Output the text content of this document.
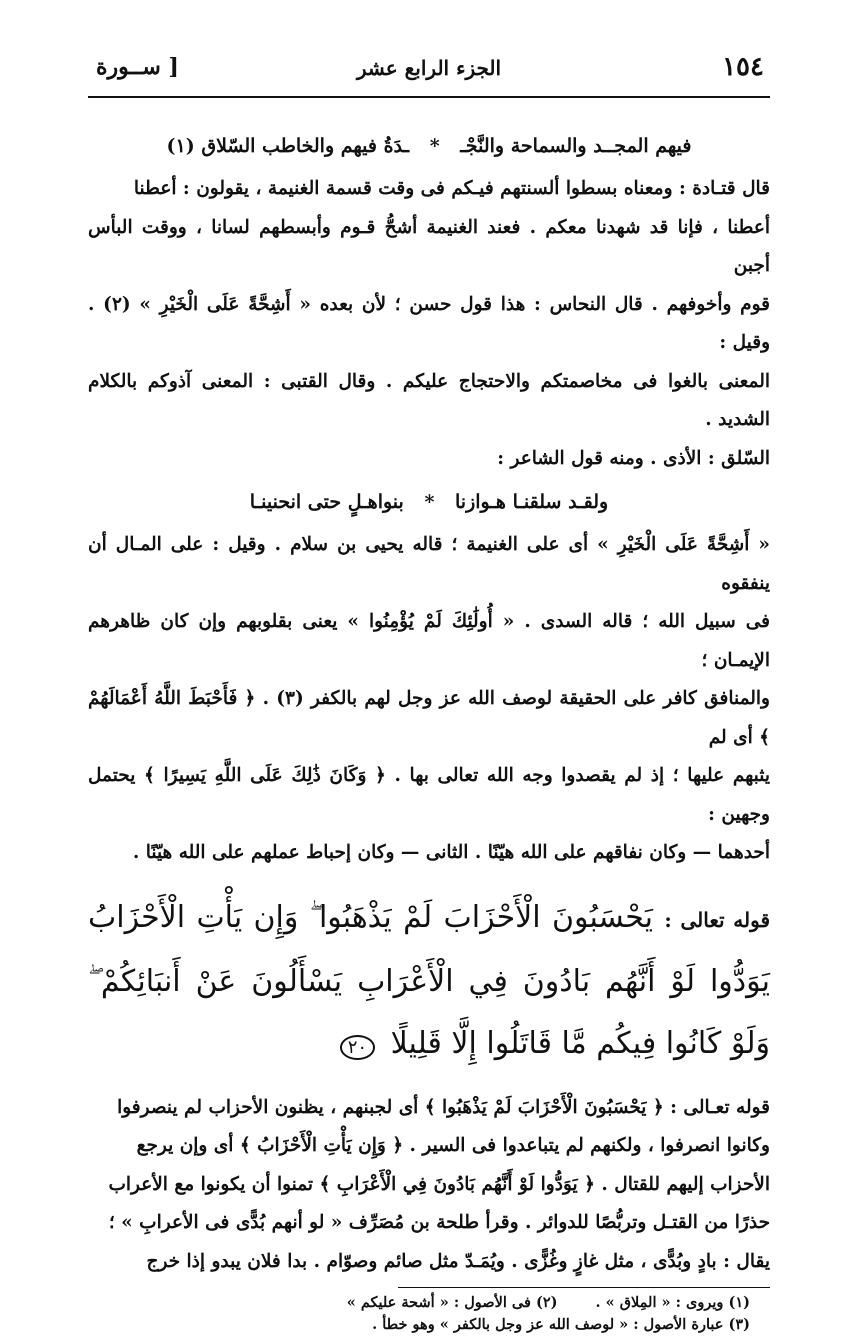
١٥٤
الجزء الرابع عشر
[ ســورة

فيهم المجــد والسماحة والنَّجْـ * ـدَةُ فيهم والخاطب السّلاق (١)

قال قتـادة : ومعناه بسطوا ألسنتهم فيـكم فى وقت قسمة الغنيمة ، يقولون : أعطنا

أعطنا ، فإنا قد شهدنا معكم . فعند الغنيمة أشحُّ قـوم وأبسطهم لسانا ، ووقت البأس أجبن

قوم وأخوفهم . قال النحاس : هذا قول حسن ؛ لأن بعده « أَشِحَّةً عَلَى الْخَيْرِ » (٢) . وقيل :

المعنى بالغوا فى مخاصمتكم والاحتجاج عليكم . وقال القتبى : المعنى آذوكم بالكلام الشديد .

السّلق : الأذى . ومنه قول الشاعر :

ولقـد سلقنـا هـوازنا * بنواهـلٍ حتى انحنينـا

« أَشِحَّةً عَلَى الْخَيْرِ » أى على الغنيمة ؛ قاله يحيى بن سلام . وقيل : على المـال أن ينفقوه

فى سبيل الله ؛ قاله السدى . « أُولَٰئِكَ لَمْ يُؤْمِنُوا » يعنى بقلوبهم وإن كان ظاهرهم الإيمـان ؛

والمنافق كافر على الحقيقة لوصف الله عز وجل لهم بالكفر (٣) . ﴿ فَأَحْبَطَ اللَّهُ أَعْمَالَهُمْ ﴾ أى لم

يثبهم عليها ؛ إذ لم يقصدوا وجه الله تعالى بها . ﴿ وَكَانَ ذَٰلِكَ عَلَى اللَّهِ يَسِيرًا ﴾ يحتمل وجهين :

أحدهما — وكان نفاقهم على الله هيّنًا . الثانى — وكان إحباط عملهم على الله هيّنًا .

قوله تعالى : يَحْسَبُونَ الْأَحْزَابَ لَمْ يَذْهَبُوا ۖ وَإِن يَأْتِ الْأَحْزَابُ يَوَدُّوا لَوْ أَنَّهُم بَادُونَ فِي الْأَعْرَابِ يَسْأَلُونَ عَنْ أَنبَائِكُمْ ۖ وَلَوْ كَانُوا فِيكُم مَّا قَاتَلُوا إِلَّا قَلِيلًا ٢٠

قوله تعـالى : ﴿ يَحْسَبُونَ الْأَحْزَابَ لَمْ يَذْهَبُوا ﴾ أى لجبنهم ، يظنون الأحزاب لم ينصرفوا

وكانوا انصرفوا ، ولكنهم لم يتباعدوا فى السير . ﴿ وَإِن يَأْتِ الْأَحْزَابُ ﴾ أى وإن يرجع

الأحزاب إليهم للقتال . ﴿ يَوَدُّوا لَوْ أَنَّهُم بَادُونَ فِي الْأَعْرَابِ ﴾ تمنوا أن يكونوا مع الأعراب

حذرًا من القتـل وتربُّصًا للدوائر . وقرأ طلحة بن مُصَرِّف « لو أنهم بُدًّى فى الأعرابِ » ؛

يقال : بادٍ وبُدًّى ، مثل غازٍ وغُزًّى . ويُمَـدّ مثل صائم وصوّام . بدا فلان يبدو إذا خرج

(١) ويروى : « المِلاق » .(٢) فى الأصول : « أشحة عليكم »
(٣) عبارة الأصول : « لوصف الله عز وجل بالكفر » وهو خطأ .
